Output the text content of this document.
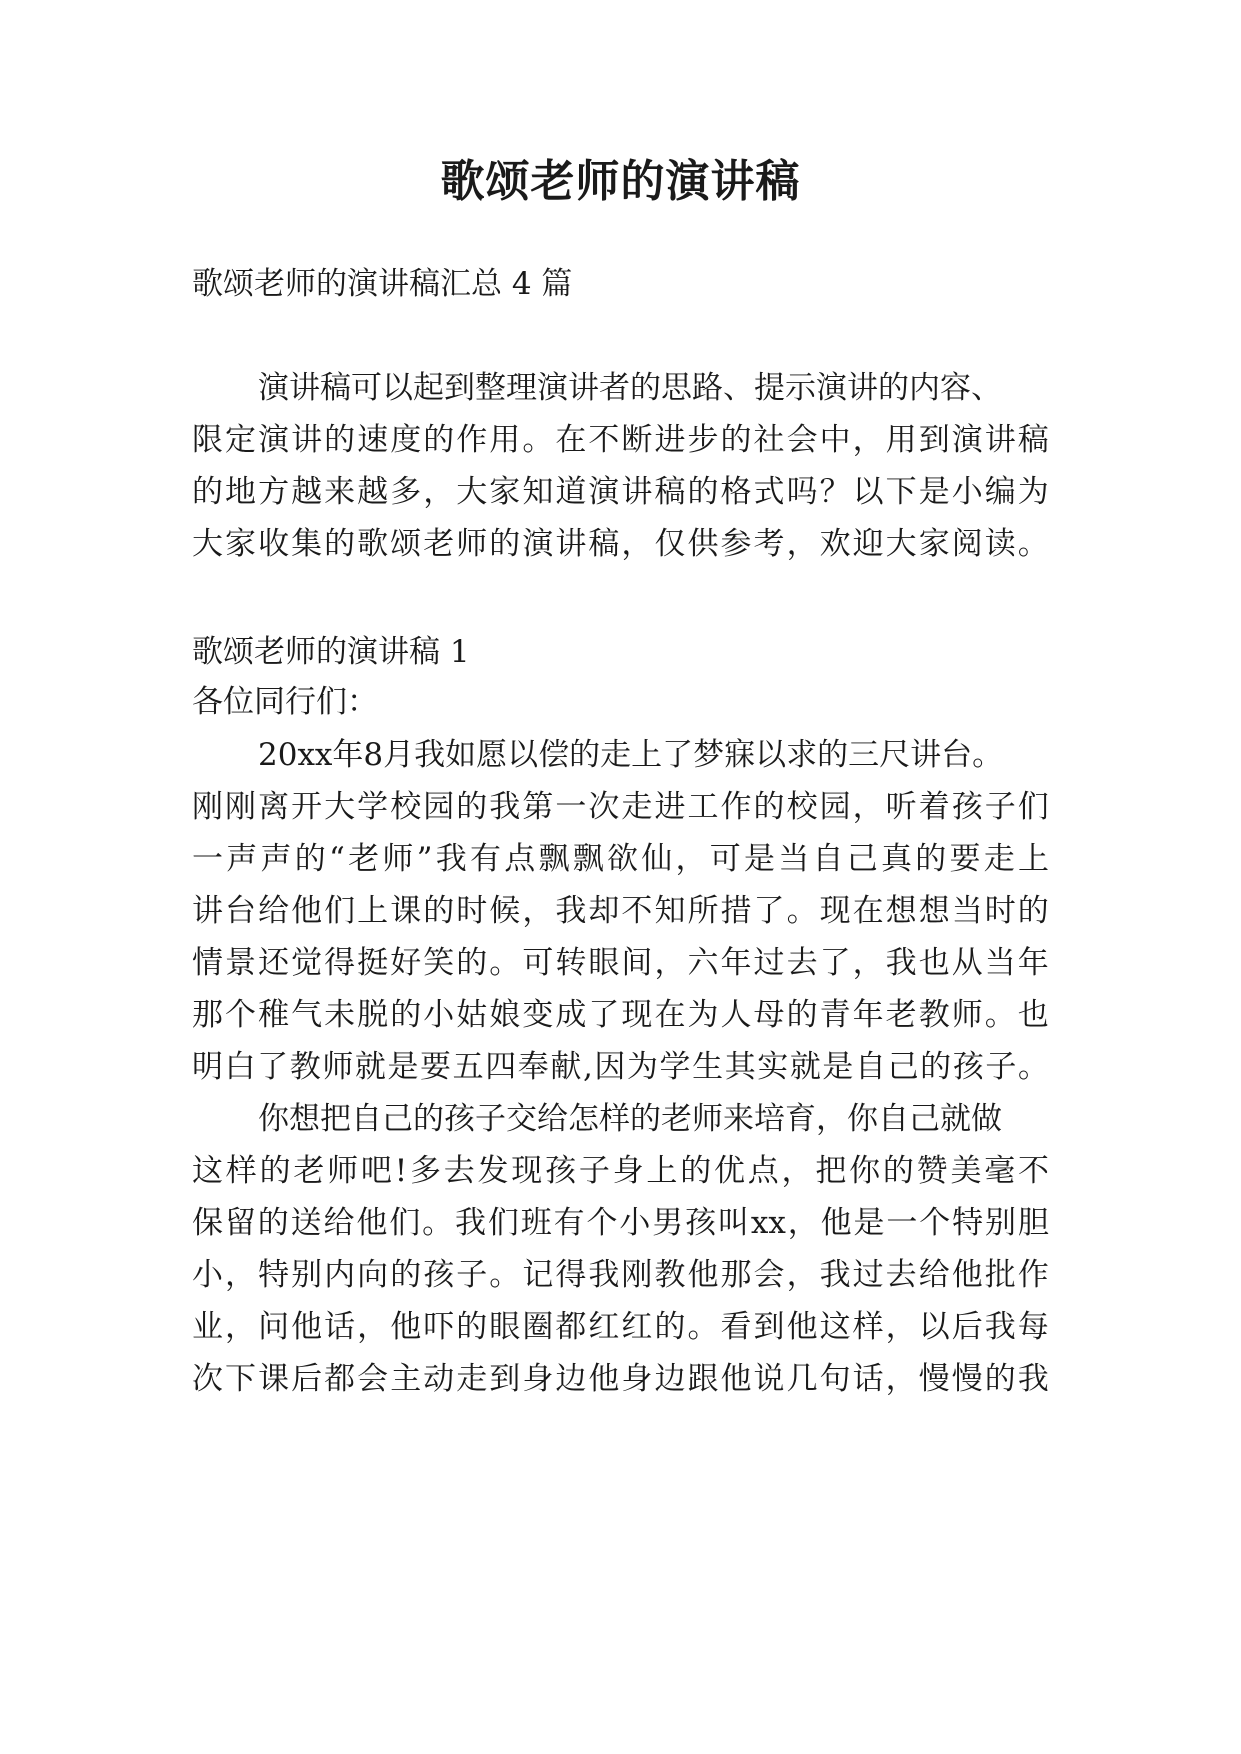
歌颂老师的演讲稿
歌颂老师的演讲稿汇总 4 篇
演 讲 稿 可 以 起 到 整 理 演 讲 者 的 思 路 、 提 示 演 讲 的 内 容 、
限 定 演 讲 的 速 度 的 作 用 。 在 不 断 进 步 的 社 会 中 ， 用 到 演 讲 稿
的 地 方 越 来 越 多 ， 大 家 知 道 演 讲 稿 的 格 式 吗 ？ 以 下 是 小 编 为
大 家 收 集 的 歌 颂 老 师 的 演 讲 稿 ， 仅 供 参 考 ， 欢 迎 大 家 阅 读 。
歌颂老师的演讲稿 1
各位同行们：
20xx 年 8 月 我 如 愿 以 偿 的 走 上 了 梦 寐 以 求 的 三 尺 讲 台 。
刚 刚 离 开 大 学 校 园 的 我 第 一 次 走 进 工 作 的 校 园 ， 听 着 孩 子 们
一 声 声 的 “ 老 师 ” 我 有 点 飘 飘 欲 仙 ， 可 是 当 自 己 真 的 要 走 上
讲 台 给 他 们 上 课 的 时 候 ， 我 却 不 知 所 措 了 。 现 在 想 想 当 时 的
情 景 还 觉 得 挺 好 笑 的 。 可 转 眼 间 ， 六 年 过 去 了 ， 我 也 从 当 年
那 个 稚 气 未 脱 的 小 姑 娘 变 成 了 现 在 为 人 母 的 青 年 老 教 师 。 也
明 白 了 教 师 就 是 要 五 四 奉 献 , 因 为 学 生 其 实 就 是 自 己 的 孩 子 。
你 想 把 自 己 的 孩 子 交 给 怎 样 的 老 师 来 培 育 ， 你 自 己 就 做
这 样 的 老 师 吧 ! 多 去 发 现 孩 子 身 上 的 优 点 ， 把 你 的 赞 美 毫 不
保 留 的 送 给 他 们 。 我 们 班 有 个 小 男 孩 叫 xx ， 他 是 一 个 特 别 胆
小 ， 特 别 内 向 的 孩 子 。 记 得 我 刚 教 他 那 会 ， 我 过 去 给 他 批 作
业 ， 问 他 话 ， 他 吓 的 眼 圈 都 红 红 的 。 看 到 他 这 样 ， 以 后 我 每
次 下 课 后 都 会 主 动 走 到 身 边 他 身 边 跟 他 说 几 句 话 ， 慢 慢 的 我
